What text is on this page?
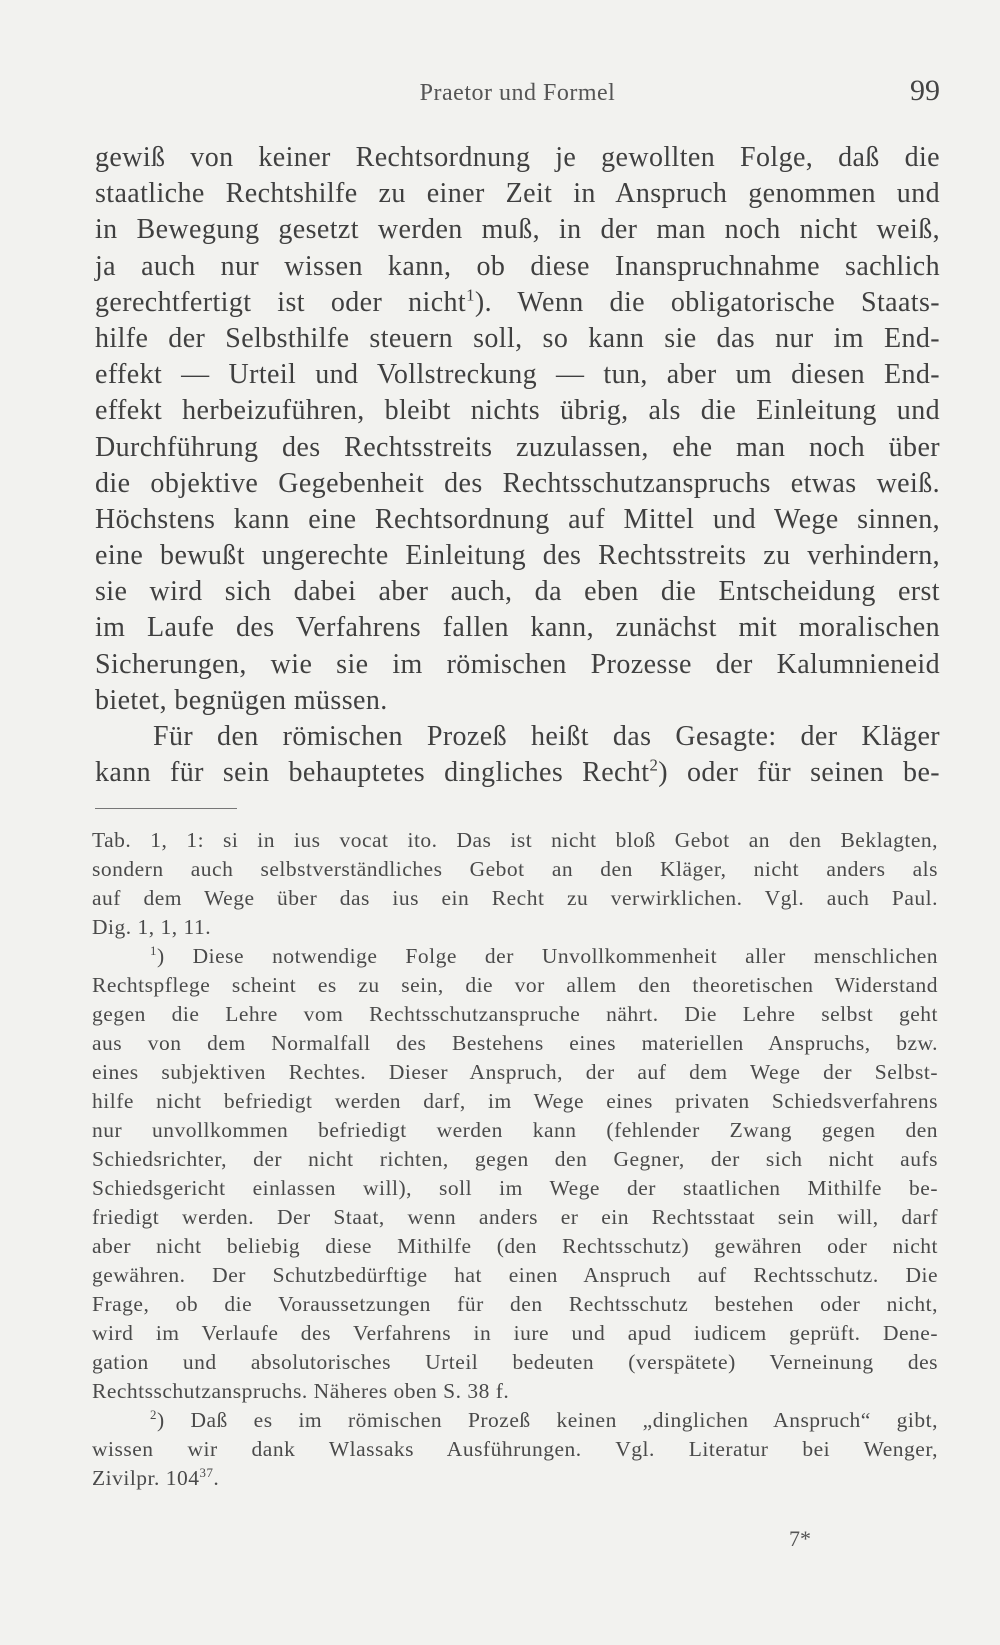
Praetor und Formel	99
gewiß von keiner Rechtsordnung je gewollten Folge, daß die
staatliche Rechtshilfe zu einer Zeit in Anspruch genommen und
in Bewegung gesetzt werden muß, in der man noch nicht weiß,
ja auch nur wissen kann, ob diese Inanspruchnahme sachlich
gerechtfertigt ist oder nicht$^1$). Wenn die obligatorische Staats-
hilfe der Selbsthilfe steuern soll, so kann sie das nur im End-
effekt — Urteil und Vollstreckung — tun, aber um diesen End-
effekt herbeizuführen, bleibt nichts übrig, als die Einleitung und
Durchführung des Rechtsstreits zuzulassen, ehe man noch über
die objektive Gegebenheit des Rechtsschutzanspruchs etwas weiß.
Höchstens kann eine Rechtsordnung auf Mittel und Wege sinnen,
eine bewußt ungerechte Einleitung des Rechtsstreits zu verhindern,
sie wird sich dabei aber auch, da eben die Entscheidung erst
im Laufe des Verfahrens fallen kann, zunächst mit moralischen
Sicherungen, wie sie im römischen Prozesse der Kalumnieneid
bietet, begnügen müssen.
Für den römischen Prozeß heißt das Gesagte: der Kläger
kann für sein behauptetes dingliches Recht$^2$) oder für seinen be-
Tab. 1, 1: si in ius vocat ito. Das ist nicht bloß Gebot an den Beklagten,
sondern auch selbstverständliches Gebot an den Kläger, nicht anders als
auf dem Wege über das ius ein Recht zu verwirklichen. Vgl. auch Paul.
Dig. 1, 1, 11.
$^1$) Diese notwendige Folge der Unvollkommenheit aller menschlichen
Rechtspflege scheint es zu sein, die vor allem den theoretischen Widerstand
gegen die Lehre vom Rechtsschutzanspruche nährt. Die Lehre selbst geht
aus von dem Normalfall des Bestehens eines materiellen Anspruchs, bzw.
eines subjektiven Rechtes. Dieser Anspruch, der auf dem Wege der Selbst-
hilfe nicht befriedigt werden darf, im Wege eines privaten Schiedsverfahrens
nur unvollkommen befriedigt werden kann (fehlender Zwang gegen den
Schiedsrichter, der nicht richten, gegen den Gegner, der sich nicht aufs
Schiedsgericht einlassen will), soll im Wege der staatlichen Mithilfe be-
friedigt werden. Der Staat, wenn anders er ein Rechtsstaat sein will, darf
aber nicht beliebig diese Mithilfe (den Rechtsschutz) gewähren oder nicht
gewähren. Der Schutzbedürftige hat einen Anspruch auf Rechtsschutz. Die
Frage, ob die Voraussetzungen für den Rechtsschutz bestehen oder nicht,
wird im Verlaufe des Verfahrens in iure und apud iudicem geprüft. Dene-
gation und absolutorisches Urteil bedeuten (verspätete) Verneinung des
Rechtsschutzanspruchs. Näheres oben S. 38 f.
$^2$) Daß es im römischen Prozeß keinen „dinglichen Anspruch“ gibt,
wissen wir dank Wlassaks Ausführungen. Vgl. Literatur bei Wenger,
Zivilpr. $104^{37}$.
7*
